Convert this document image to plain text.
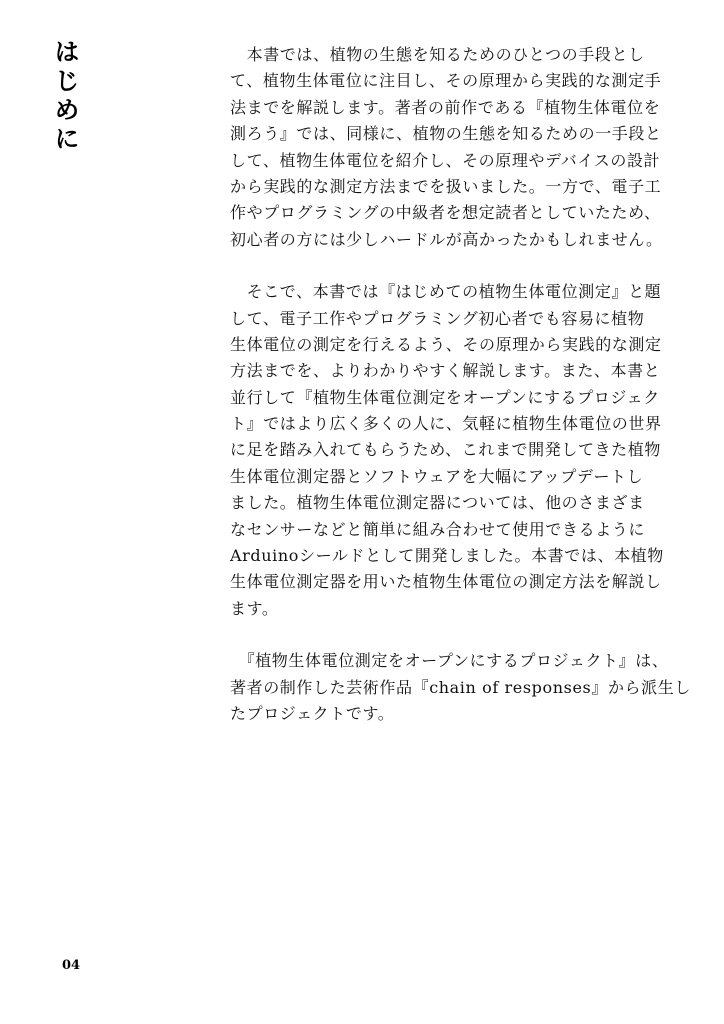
は
じ
め
に
　本書では、植物の生態を知るためのひとつの手段とし
て、植物生体電位に注目し、その原理から実践的な測定手
法までを解説します。著者の前作である『植物生体電位を
測ろう』では、同様に、植物の生態を知るための一手段と
して、植物生体電位を紹介し、その原理やデバイスの設計
から実践的な測定方法までを扱いました。一方で、電子工
作やプログラミングの中級者を想定読者としていたため、
初心者の方には少しハードルが高かったかもしれません。
　そこで、本書では『はじめての植物生体電位測定』と題
して、電子工作やプログラミング初心者でも容易に植物
生体電位の測定を行えるよう、その原理から実践的な測定
方法までを、よりわかりやすく解説します。また、本書と
並行して『植物生体電位測定をオープンにするプロジェク
ト』ではより広く多くの人に、気軽に植物生体電位の世界
に足を踏み入れてもらうため、これまで開発してきた植物
生体電位測定器とソフトウェアを大幅にアップデートし
ました。植物生体電位測定器については、他のさまざま
なセンサーなどと簡単に組み合わせて使用できるように
Arduinoシールドとして開発しました。本書では、本植物
生体電位測定器を用いた植物生体電位の測定方法を解説し
ます。
　『植物生体電位測定をオープンにするプロジェクト』は、
著者の制作した芸術作品『chain of responses』から派生し
たプロジェクトです。
04
